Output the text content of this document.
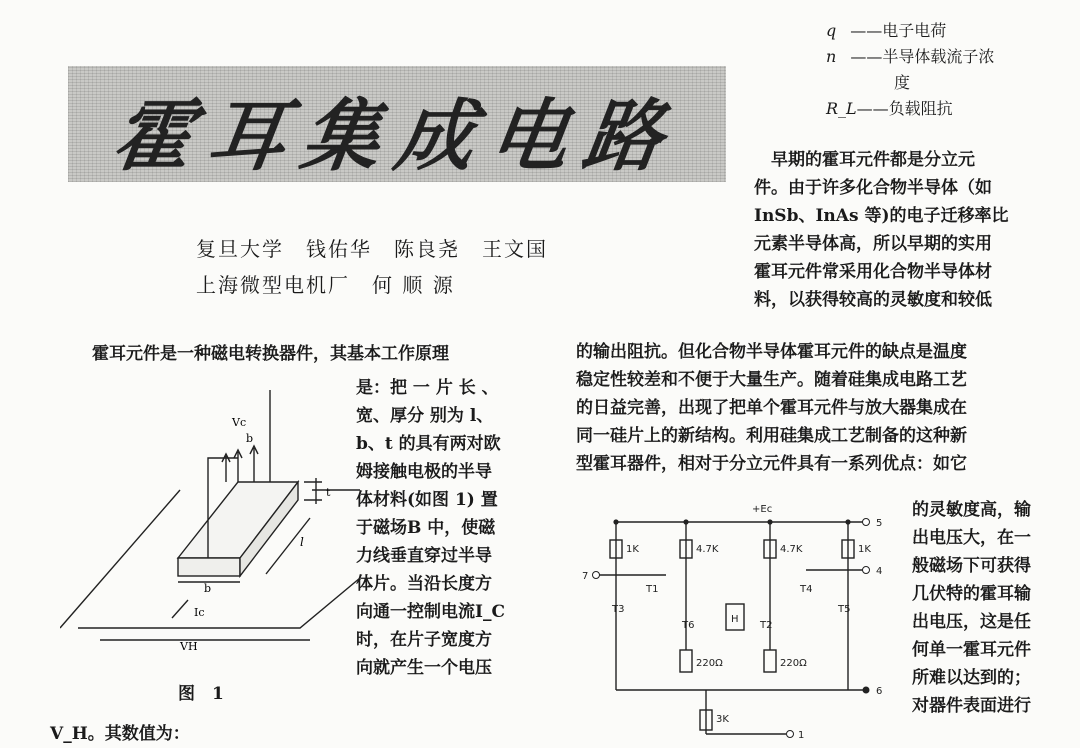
霍耳集成电路
复旦大学　钱佑华　陈良尧　王文国
上海微型电机厂　何 顺 源
q ——电子电荷
n ——半导体载流子浓
度
R_L——负载阻抗
　早期的霍耳元件都是分立元
件。由于许多化合物半导体（如
InSb、InAs 等)的电子迁移率比
元素半导体高，所以早期的实用
霍耳元件常采用化合物半导体材
料，以获得较高的灵敏度和较低
的输出阻抗。但化合物半导体霍耳元件的缺点是温度
稳定性较差和不便于大量生产。随着硅集成电路工艺
的日益完善，出现了把单个霍耳元件与放大器集成在
同一硅片上的新结构。利用硅集成工艺制备的这种新
型霍耳器件，相对于分立元件具有一系列优点：如它
霍耳元件是一种磁电转换器件，其基本工作原理
是：把 一 片 长 、
宽、厚分 别为 l、
b、t 的具有两对欧
姆接触电极的半导
体材料(如图 1) 置
于磁场B 中，使磁
力线垂直穿过半导
体片。当沿长度方
向通一控制电流I_C
时，在片子宽度方
向就产生一个电压
V_H。其数值为：
的灵敏度高，输
出电压大，在一
般磁场下可获得
几伏特的霍耳输
出电压，这是任
何单一霍耳元件
所难以达到的；
对器件表面进行
Vc
b
t
l
b
Ic
VH
图　1
+Ec
1K	4.7K	4.7K	1K
220Ω	220Ω
3K
T3
T1
T2
T4
T5
T6
H
5
4
6
1
7
